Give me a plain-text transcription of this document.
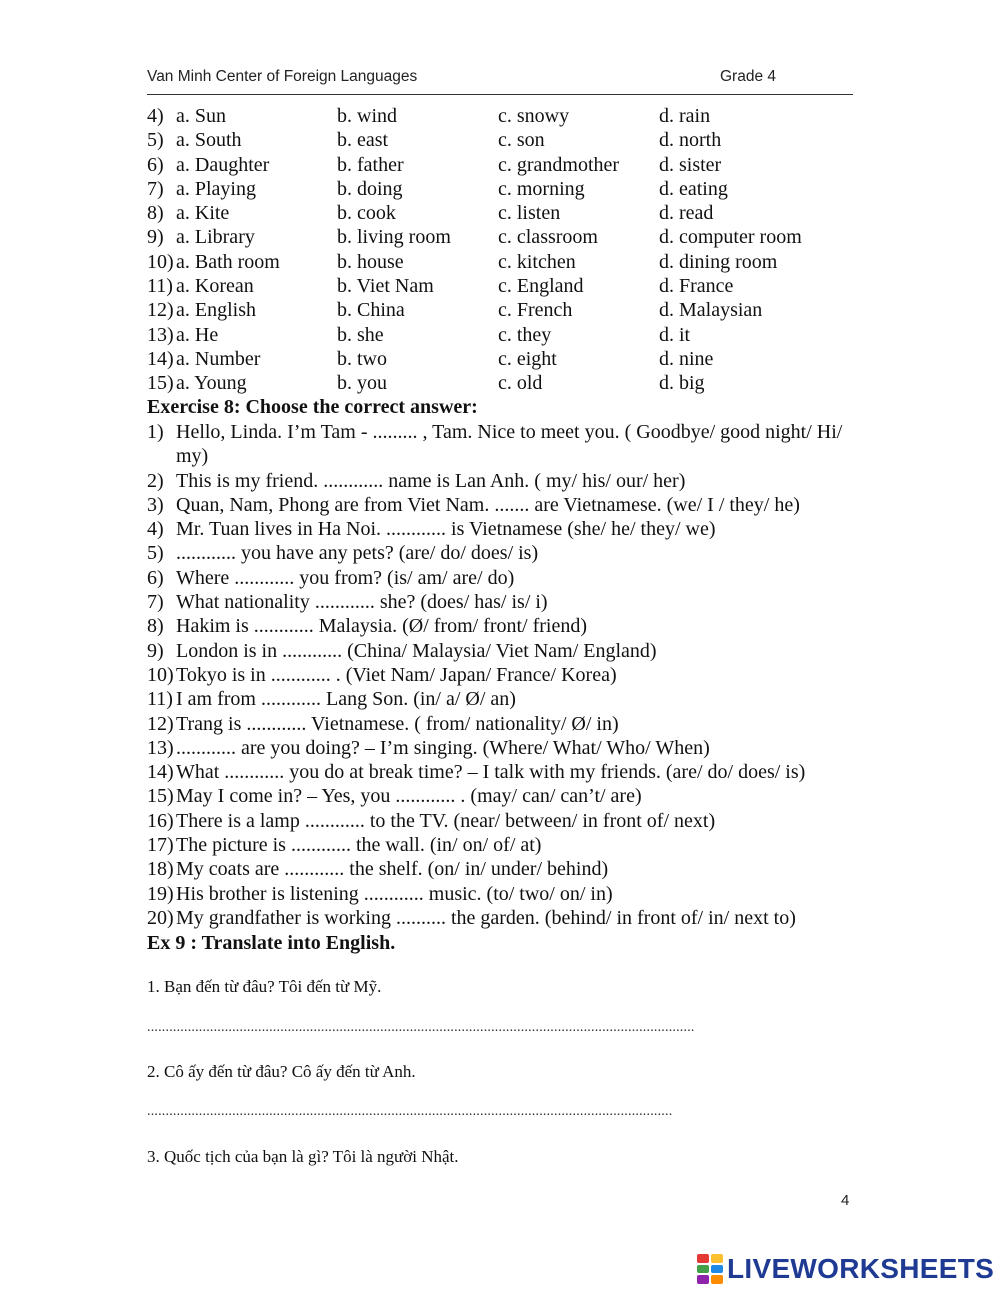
Van Minh Center of Foreign Languages	Grade 4
4) a. Sun	b. wind	c. snowy	d. rain
5) a. South	b. east	c. son	d. north
6) a. Daughter	b. father	c. grandmother d. sister
7) a. Playing	b. doing	c. morning	d. eating
8) a. Kite	b. cook	c. listen	d. read
9) a. Library	b. living room c. classroom	d. computer room
10) a. Bath room	b. house	c. kitchen	d. dining room
11) a. Korean	b. Viet Nam	c. England	d. France
12) a. English	b. China	c. French	d. Malaysian
13) a. He	b. she	c. they	d. it
14) a. Number	b. two	c. eight	d. nine
15) a. Young	b. you	c. old	d. big
Exercise 8: Choose the correct answer:
1) Hello, Linda. I’m Tam - ......... , Tam. Nice to meet you. ( Goodbye/ good night/ Hi/ my)
2) This is my friend. ............ name is Lan Anh. ( my/ his/ our/ her)
3) Quan, Nam, Phong are from Viet Nam. ....... are Vietnamese. (we/ I / they/ he)
4) Mr. Tuan lives in Ha Noi. ............ is Vietnamese (she/ he/ they/ we)
5) ............ you have any pets? (are/ do/ does/ is)
6) Where ............ you from? (is/ am/ are/ do)
7) What nationality ............ she? (does/ has/ is/ i)
8) Hakim is ............ Malaysia. (Ø/ from/ front/ friend)
9) London is in ............ (China/ Malaysia/ Viet Nam/ England)
10) Tokyo is in ............ . (Viet Nam/ Japan/ France/ Korea)
11) I am from ............ Lang Son. (in/ a/ Ø/ an)
12) Trang is ............ Vietnamese. ( from/ nationality/ Ø/ in)
13) ............ are you doing? – I’m singing. (Where/ What/ Who/ When)
14) What ............ you do at break time? – I talk with my friends. (are/ do/ does/ is)
15) May I come in? – Yes, you ............ . (may/ can/ can’t/ are)
16) There is a lamp ............ to the TV. (near/ between/ in front of/ next)
17) The picture is ............ the wall. (in/ on/ of/ at)
18) My coats are ............ the shelf. (on/ in/ under/ behind)
19) His brother is listening ............ music. (to/ two/ on/ in)
20) My grandfather is working .......... the garden. (behind/ in front of/ in/ next to)
Ex 9 : Translate into English.
1. Bạn đến từ đâu? Tôi đến từ Mỹ.
....................................................................................................................................................
2. Cô ấy đến từ đâu? Cô ấy đến từ Anh.
..............................................................................................................................................
3. Quốc tịch của bạn là gì? Tôi là người Nhật.
4
LIVEWORKSHEETS
